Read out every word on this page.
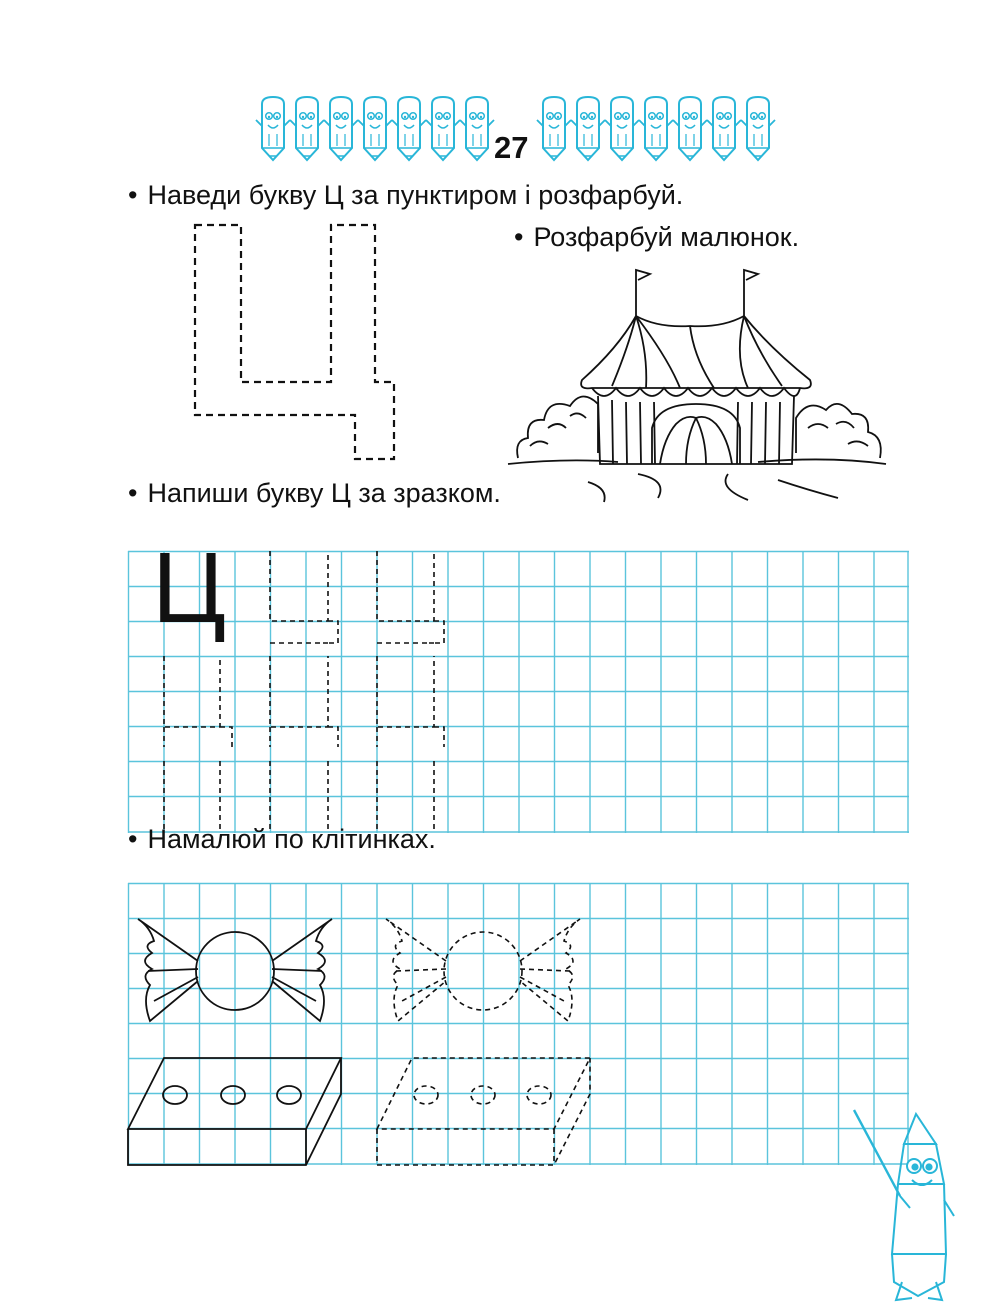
27
• Наведи букву Ц за пунктиром і розфарбуй.
• Розфарбуй малюнок.
• Напиши букву Ц за зразком.
Ц
• Намалюй по клітинках.
